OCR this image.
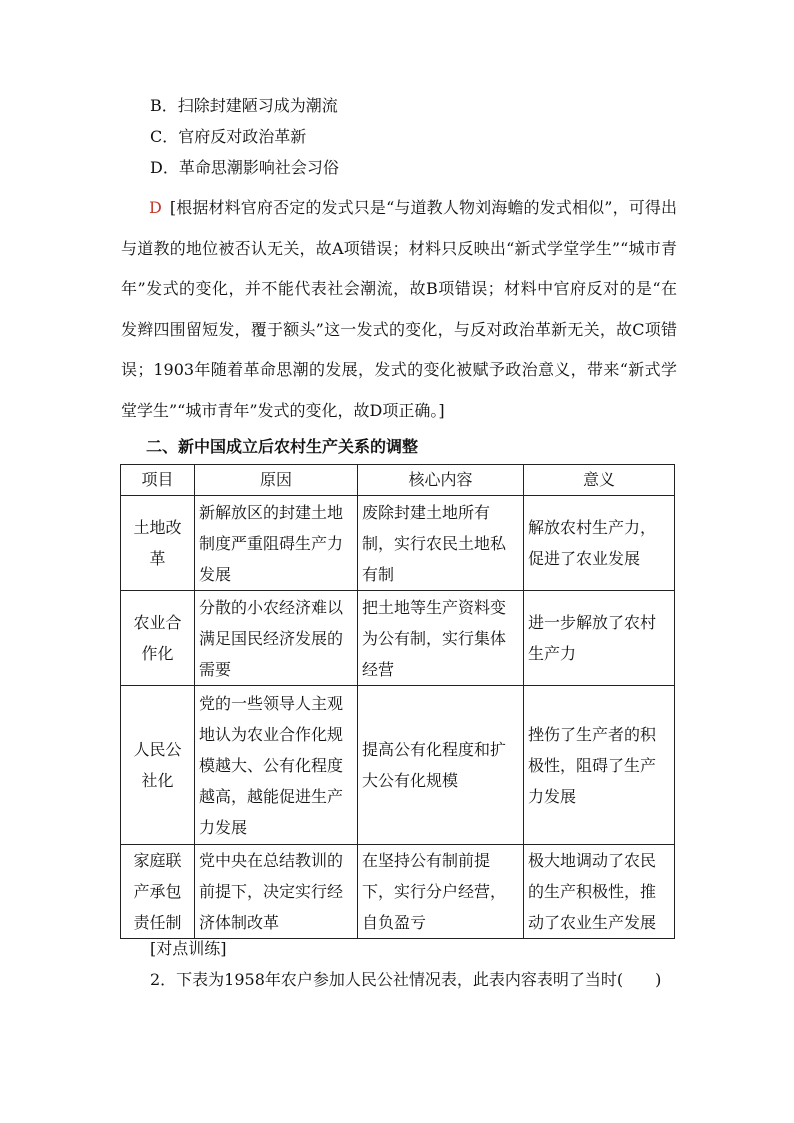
B．扫除封建陋习成为潮流
C．官府反对政治革新
D．革命思潮影响社会习俗
D [根据材料官府否定的发式只是“与道教人物刘海蟾的发式相似”，可得出与道教的地位被否认无关，故A项错误；材料只反映出“新式学堂学生”“城市青年”发式的变化，并不能代表社会潮流，故B项错误；材料中官府反对的是“在发辫四围留短发，覆于额头”这一发式的变化，与反对政治革新无关，故C项错误；1903年随着革命思潮的发展，发式的变化被赋予政治意义，带来“新式学堂学生”“城市青年”发式的变化，故D项正确。]
二、新中国成立后农村生产关系的调整
项目	原因	核心内容	意义
土地改革	新解放区的封建土地制度严重阻碍生产力发展	废除封建土地所有制，实行农民土地私有制	解放农村生产力，促进了农业发展
农业合作化	分散的小农经济难以满足国民经济发展的需要	把土地等生产资料变为公有制，实行集体经营	进一步解放了农村生产力
人民公社化	党的一些领导人主观地认为农业合作化规模越大、公有化程度越高，越能促进生产力发展	提高公有化程度和扩大公有化规模	挫伤了生产者的积极性，阻碍了生产力发展
家庭联产承包责任制	党中央在总结教训的前提下，决定实行经济体制改革	在坚持公有制前提下，实行分户经营，自负盈亏	极大地调动了农民的生产积极性，推动了农业生产发展
[对点训练]
2．下表为1958年农户参加人民公社情况表，此表内容表明了当时(　　)
